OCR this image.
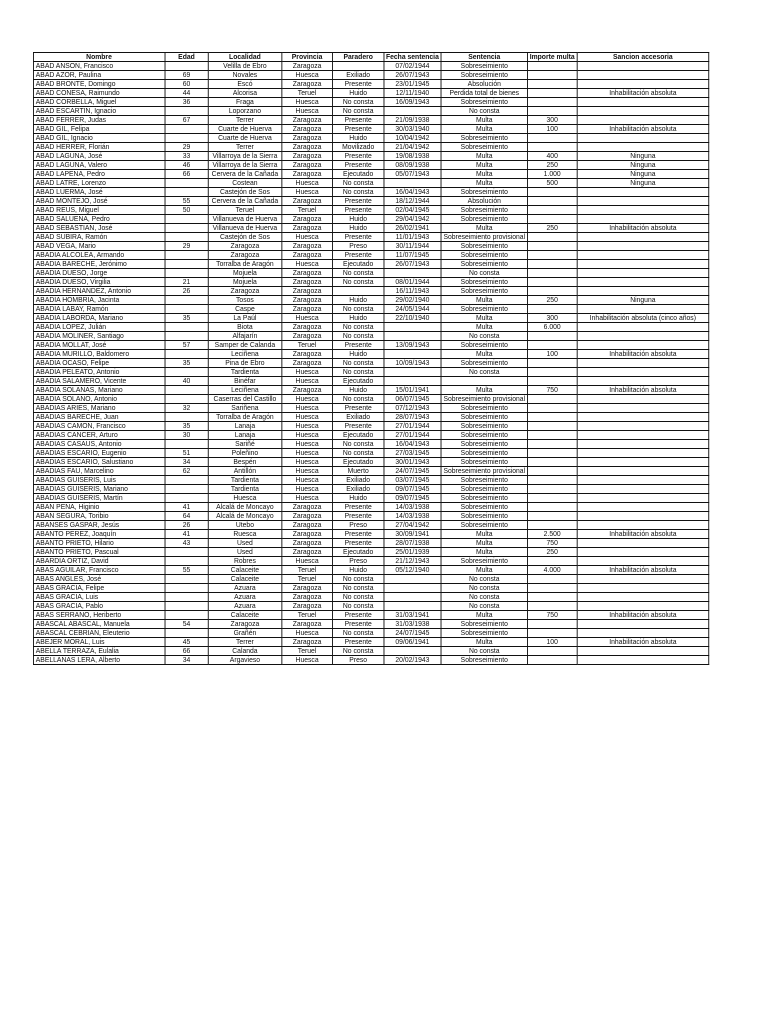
Nombre	Edad	Localidad	Provincia	Paradero	Fecha sentencia	Sentencia	Importe multa	Sancion accesoria
ABAD ANSON, Francisco		Velilla de Ebro	Zaragoza		07/02/1944	Sobreseimiento		
ABAD AZOR, Paulina	69	Novales	Huesca	Exiliado	26/07/1943	Sobreseimiento		
ABAD BRONTE, Domingo	60	Escó	Zaragoza	Presente	23/01/1945	Absolución		
ABAD CONESA, Raimundo	44	Alcorisa	Teruel	Huido	12/11/1940	Perdida total de bienes		Inhabilitación absoluta
ABAD CORBELLA, Miguel	36	Fraga	Huesca	No consta	16/09/1943	Sobreseimiento		
ABAD ESCARTIN, Ignacio		Loporzano	Huesca	No consta		No consta		
ABAD FERRER, Judas	67	Terrer	Zaragoza	Presente	21/09/1938	Multa	300	
ABAD GIL, Felipa		Cuarte de Huerva	Zaragoza	Presente	30/03/1940	Multa	100	Inhabilitación absoluta
ABAD GIL, Ignacio		Cuarte de Huerva	Zaragoza	Huido	10/04/1942	Sobreseimiento		
ABAD HERRER, Florián	29	Terrer	Zaragoza	Movilizado	21/04/1942	Sobreseimiento		
ABAD LAGUNA, José	33	Villarroya de la Sierra	Zaragoza	Presente	19/08/1938	Multa	400	Ninguna
ABAD LAGUNA, Valero	46	Villarroya de la Sierra	Zaragoza	Presente	08/09/1938	Multa	250	Ninguna
ABAD LAPENA, Pedro	66	Cervera de la Cañada	Zaragoza	Ejecutado	05/07/1943	Multa	1.000	Ninguna
ABAD LATRE, Lorenzo		Costean	Huesca	No consta		Multa	500	Ninguna
ABAD LUERMA, José		Castejón de Sos	Huesca	No consta	16/04/1943	Sobreseimiento		
ABAD MONTEJO, José	55	Cervera de la Cañada	Zaragoza	Presente	18/12/1944	Absolución		
ABAD REUS, Miguel	50	Teruel	Teruel	Presente	02/04/1945	Sobreseimiento		
ABAD SALUENA, Pedro		Villanueva de Huerva	Zaragoza	Huido	29/04/1942	Sobreseimiento		
ABAD SEBASTIAN, José		Villanueva de Huerva	Zaragoza	Huido	26/02/1941	Multa	250	Inhabilitación absoluta
ABAD SUBIRA, Ramón		Castejón de Sos	Huesca	Presente	11/01/1943	Sobreseimiento provisional		
ABAD VEGA, Mario	29	Zaragoza	Zaragoza	Preso	30/11/1944	Sobreseimiento		
ABADIA ALCOLEA, Armando		Zaragoza	Zaragoza	Presente	11/07/1945	Sobreseimiento		
ABADIA BARECHE, Jerónimo		Torralba de Aragón	Huesca	Ejecutado	26/07/1943	Sobreseimiento		
ABADIA DUESO, Jorge		Mojuela	Zaragoza	No consta		No consta		
ABADIA DUESO, Virgilia	21	Mojuela	Zaragoza	No consta	08/01/1944	Sobreseimiento		
ABADIA HERNANDEZ, Antonio	26	Zaragoza	Zaragoza		16/11/1943	Sobreseimiento		
ABADIA HOMBRIA, Jacinta		Tosos	Zaragoza	Huido	29/02/1940	Multa	250	Ninguna
ABADIA LABAY, Ramón		Caspe	Zaragoza	No consta	24/05/1944	Sobreseimiento		
ABADIA LABORDA, Mariano	35	La Paúl	Huesca	Huido	22/10/1940	Multa	300	Inhabilitación absoluta (cinco años)
ABADIA LOPEZ, Julián		Biota	Zaragoza	No consta		Multa	6.000	
ABADIA MOLINER, Santiago		Alfajarín	Zaragoza	No consta		No consta		
ABADIA MOLLAT, José	57	Samper de Calanda	Teruel	Presente	13/09/1943	Sobreseimiento		
ABADIA MURILLO, Baldomero		Leciñena	Zaragoza	Huido		Multa	100	Inhabilitación absoluta
ABADIA OCASO, Felipe	35	Pina de Ebro	Zaragoza	No consta	10/09/1943	Sobreseimiento		
ABADIA PELEATO, Antonio		Tardienta	Huesca	No consta		No consta		
ABADIA SALAMERO, Vicente	40	Binéfar	Huesca	Ejecutado				
ABADIA SOLANAS, Mariano		Leciñena	Zaragoza	Huido	15/01/1941	Multa	750	Inhabilitación absoluta
ABADIA SOLANO, Antonio		Caserras del Castillo	Huesca	No consta	06/07/1945	Sobreseimiento provisional		
ABADIAS ARIES, Mariano	32	Sariñena	Huesca	Presente	07/12/1943	Sobreseimiento		
ABADIAS BARECHE, Juan		Torralba de Aragón	Huesca	Exiliado	28/07/1943	Sobreseimiento		
ABADIAS CAMON, Francisco	35	Lanaja	Huesca	Presente	27/01/1944	Sobreseimiento		
ABADIAS CANCER, Arturo	30	Lanaja	Huesca	Ejecutado	27/01/1944	Sobreseimiento		
ABADIAS CASAUS, Antonio		Sariñé	Huesca	No consta	16/04/1943	Sobreseimiento		
ABADIAS ESCARIO, Eugenio	51	Poleñino	Huesca	No consta	27/03/1945	Sobreseimiento		
ABADIAS ESCARIO, Salustiano	34	Bespén	Huesca	Ejecutado	30/01/1943	Sobreseimiento		
ABADIAS FAU, Marcelino	62	Antillón	Huesca	Muerto	24/07/1945	Sobreseimiento provisional		
ABADIAS GUISERIS, Luis		Tardienta	Huesca	Exiliado	03/07/1945	Sobreseimiento		
ABADIAS GUISERIS, Mariano		Tardienta	Huesca	Exiliado	09/07/1945	Sobreseimiento		
ABADIAS GUISERIS, Martín		Huesca	Huesca	Huido	09/07/1945	Sobreseimiento		
ABAN PENA, Higinio	41	Alcalá de Moncayo	Zaragoza	Presente	14/03/1938	Sobreseimiento		
ABAN SEGURA, Toribio	64	Alcalá de Moncayo	Zaragoza	Presente	14/03/1938	Sobreseimiento		
ABANSES GASPAR, Jesús	26	Utebo	Zaragoza	Preso	27/04/1942	Sobreseimiento		
ABANTO PEREZ, Joaquín	41	Ruesca	Zaragoza	Presente	30/09/1941	Multa	2.500	Inhabilitación absoluta
ABANTO PRIETO, Hilario	43	Used	Zaragoza	Presente	28/07/1938	Multa	750	
ABANTO PRIETO, Pascual		Used	Zaragoza	Ejecutado	25/01/1939	Multa	250	
ABARDIA ORTIZ, David		Robres	Huesca	Preso	21/12/1943	Sobreseimiento		
ABAS AGUILAR, Francisco	55	Calaceite	Teruel	Huido	05/12/1940	Multa	4.000	Inhabilitación absoluta
ABAS ANGLES, José		Calaceite	Teruel	No consta		No consta		
ABAS GRACIA, Felipe		Azuara	Zaragoza	No consta		No consta		
ABAS GRACIA, Luis		Azuara	Zaragoza	No consta		No consta		
ABAS GRACIA, Pablo		Azuara	Zaragoza	No consta		No consta		
ABAS SERRANO, Heriberto		Calaceite	Teruel	Presente	31/03/1941	Multa	750	Inhabilitación absoluta
ABASCAL ABASCAL, Manuela	54	Zaragoza	Zaragoza	Presente	31/03/1938	Sobreseimiento		
ABASCAL CEBRIAN, Eleuterio		Grañén	Huesca	No consta	24/07/1945	Sobreseimiento		
ABEJER MORAL, Luis	45	Terrer	Zaragoza	Presente	09/06/1941	Multa	100	Inhabilitación absoluta
ABELLA TERRAZA, Eulalia	66	Calanda	Teruel	No consta		No consta		
ABELLANAS LERA, Alberto	34	Argavieso	Huesca	Preso	20/02/1943	Sobreseimiento		
